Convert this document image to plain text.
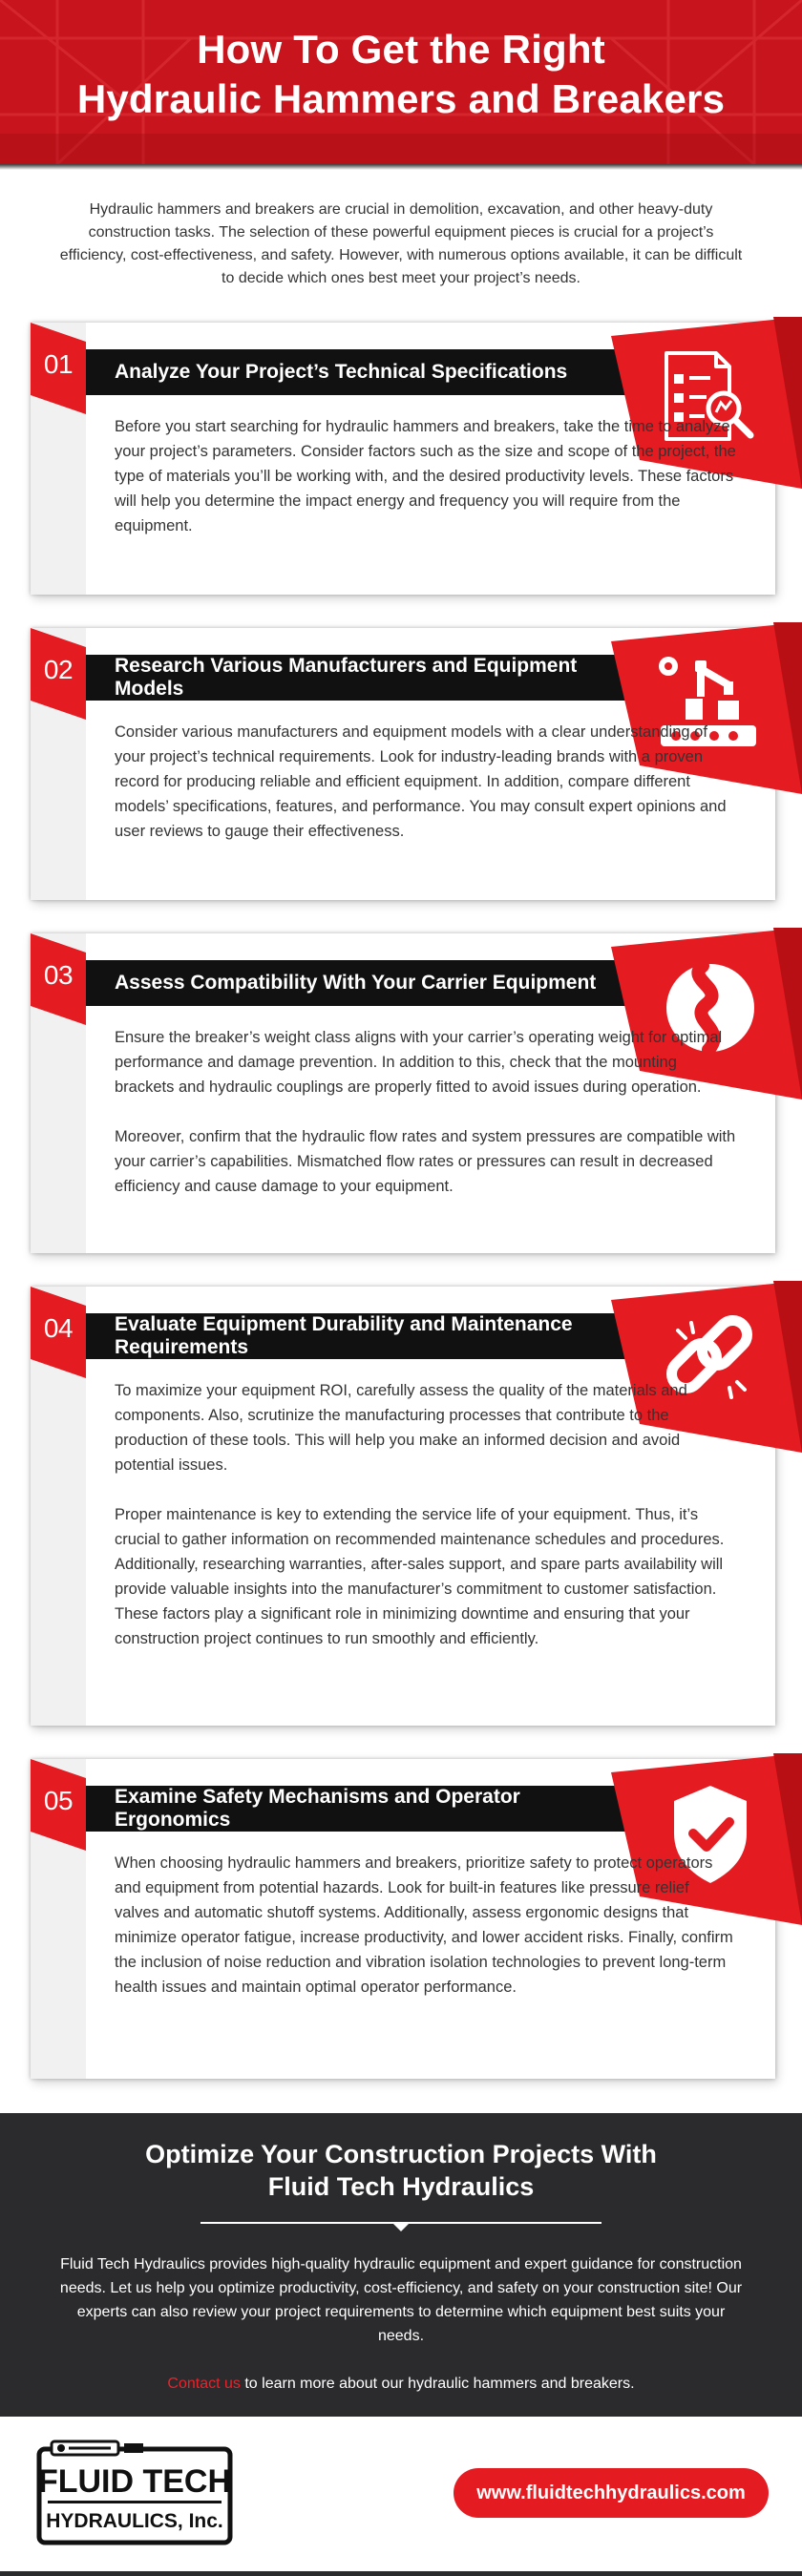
How To Get the Right
Hydraulic Hammers and Breakers

Hydraulic hammers and breakers are crucial in demolition, excavation, and other heavy-duty construction tasks. The selection of these powerful equipment pieces is crucial for a project’s efficiency, cost-effectiveness, and safety. However, with numerous options available, it can be difficult to decide which ones best meet your project’s needs.

01	Analyze Your Project’s Technical Specifications

Before you start searching for hydraulic hammers and breakers, take the time to analyze your project’s parameters. Consider factors such as the size and scope of the project, the type of materials you’ll be working with, and the desired productivity levels. These factors will help you determine the impact energy and frequency you will require from the equipment.

02	Research Various Manufacturers and Equipment Models

Consider various manufacturers and equipment models with a clear understanding of your project’s technical requirements. Look for industry-leading brands with a proven record for producing reliable and efficient equipment. In addition, compare different models’ specifications, features, and performance. You may consult expert opinions and user reviews to gauge their effectiveness.

03	Assess Compatibility With Your Carrier Equipment

Ensure the breaker’s weight class aligns with your carrier’s operating weight for optimal performance and damage prevention. In addition to this, check that the mounting brackets and hydraulic couplings are properly fitted to avoid issues during operation.

Moreover, confirm that the hydraulic flow rates and system pressures are compatible with your carrier’s capabilities. Mismatched flow rates or pressures can result in decreased efficiency and cause damage to your equipment.

04	Evaluate Equipment Durability and Maintenance Requirements

To maximize your equipment ROI, carefully assess the quality of the materials and components. Also, scrutinize the manufacturing processes that contribute to the production of these tools. This will help you make an informed decision and avoid potential issues.

Proper maintenance is key to extending the service life of your equipment. Thus, it’s crucial to gather information on recommended maintenance schedules and procedures. Additionally, researching warranties, after-sales support, and spare parts availability will provide valuable insights into the manufacturer’s commitment to customer satisfaction. These factors play a significant role in minimizing downtime and ensuring that your construction project continues to run smoothly and efficiently.

05	Examine Safety Mechanisms and Operator Ergonomics

When choosing hydraulic hammers and breakers, prioritize safety to protect operators and equipment from potential hazards. Look for built-in features like pressure relief valves and automatic shutoff systems. Additionally, assess ergonomic designs that minimize operator fatigue, increase productivity, and lower accident risks. Finally, confirm the inclusion of noise reduction and vibration isolation technologies to prevent long-term health issues and maintain optimal operator performance.

Optimize Your Construction Projects With
Fluid Tech Hydraulics

Fluid Tech Hydraulics provides high-quality hydraulic equipment and expert guidance for construction needs. Let us help you optimize productivity, cost-efficiency, and safety on your construction site! Our experts can also review your project requirements to determine which equipment best suits your needs.

Contact us to learn more about our hydraulic hammers and breakers.

FLUID TECH
HYDRAULICS, Inc.
www.fluidtechhydraulics.com
